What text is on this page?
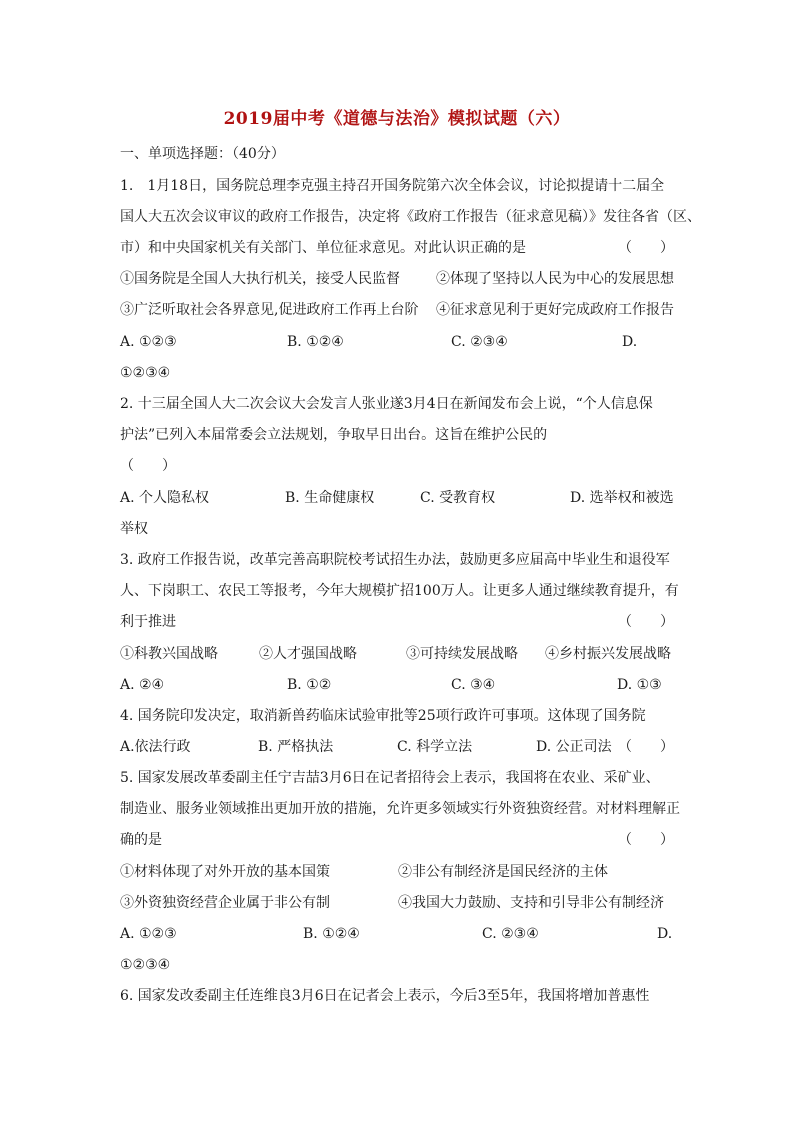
2019届中考《道德与法治》模拟试题（六）
一、单项选择题：（40分）
1.　1月18日，国务院总理李克强主持召开国务院第六次全体会议，讨论拟提请十二届全
国人大五次会议审议的政府工作报告，决定将《政府工作报告（征求意见稿）》发往各省（区、
市）和中央国家机关有关部门、单位征求意见。对此认识正确的是	（　　）
①国务院是全国人大执行机关，接受人民监督	②体现了坚持以人民为中心的发展思想
③广泛听取社会各界意见,促进政府工作再上台阶 ④征求意见利于更好完成政府工作报告
A. ①②③	B. ①②④	C. ②③④	D.
①②③④
2. 十三届全国人大二次会议大会发言人张业遂3月4日在新闻发布会上说，“个人信息保
护法”已列入本届常委会立法规划，争取早日出台。这旨在维护公民的
（　　）
A. 个人隐私权	B. 生命健康权	C. 受教育权	D. 选举权和被选
举权
3. 政府工作报告说，改革完善高职院校考试招生办法，鼓励更多应届高中毕业生和退役军
人、下岗职工、农民工等报考，今年大规模扩招100万人。让更多人通过继续教育提升，有
利于推进	（　　）
①科教兴国战略	②人才强国战略	③可持续发展战略 ④乡村振兴发展战略
A. ②④	B. ①②	C. ③④	D. ①③
4. 国务院印发决定，取消新兽药临床试验审批等25项行政许可事项。这体现了国务院
A.依法行政	B. 严格执法	C. 科学立法	D. 公正司法 （　　）
5. 国家发展改革委副主任宁吉喆3月6日在记者招待会上表示，我国将在农业、采矿业、
制造业、服务业领域推出更加开放的措施，允许更多领域实行外资独资经营。对材料理解正
确的是	（　　）
①材料体现了对外开放的基本国策	②非公有制经济是国民经济的主体
③外资独资经营企业属于非公有制	④我国大力鼓励、支持和引导非公有制经济
A. ①②③	B. ①②④	C. ②③④	D.
①②③④
6. 国家发改委副主任连维良3月6日在记者会上表示，今后3至5年，我国将增加普惠性
